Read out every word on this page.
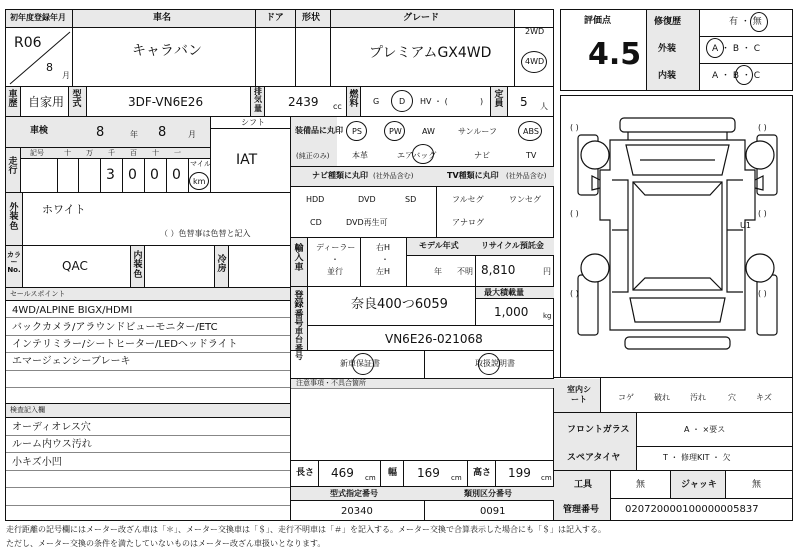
初年度登録年月
R06
8
月
車名
キャラバン
ドア 形状	グレード
プレミアムGX4WD
2WD
4WD
評価点
4.5
修復歴	有 ・ 無
外装	A ・ B ・ C
内装	A ・ B ・ C
車歴 自家用 型式	3DF-VN6E26
排気量 2439 cc
燃料 G D HV ・ (	)
定員 5 人
車検	8	年 8	月
シフト
IAT
走行
記号	十 万 千 百 十 一
3 0 0 0
マイル
km
外装色
ホワイト
（ ）色替事は色替と記入
カラーNo.	QAC
内装色
冷房
セールスポイント
4WD/ALPINE BIGX/HDMI
バックカメラ/アラウンドビューモニター/ETC
インテリミラー/シートヒーター/LEDヘッドライト
エマージェンシーブレーキ
検査記入欄
オーディオレス穴
ルーム内ウス汚れ
小キズ小凹
装備品に丸印
(純正のみ)
PS	PW	AW	サンルーフ	ABS
本革	エアバッグ	ナビ	TV
ナビ種類に丸印 (社外品含む)
HDD	DVD	SD
CD	DVD再生可
TV種類に丸印 (社外品含む)
フルセグ	ワンセグ
アナログ
輸入車
ディーラー
・
並行
右H
・
左H
モデル年式
年 不明
リサイクル預託金
8,810	円
登録番号
奈良400つ6059
最大積載量
1,000 kg
車台番号
VN6E26-021068
新車保証書	取扱説明書
注意事項・不具合箇所
長さ 469 cm 幅 169 cm 高さ 199 cm
型式指定番号
20340
類別区分番号
0091
室内シート	コゲ	破れ	汚れ	穴	キズ
フロントガラス	A ・ ×要ス
スペアタイヤ	T ・ 修理KIT ・ 欠
工具	無	ジャッキ	無
管理番号	020720000100000005837
( )	( )
( )	( )
( )	( )
U1
走行距離の記号欄にはメーター改ざん車は「＊」、メーター交換車は「＄」、走行不明車は「＃」を記入する。メーター交換で合算表示した場合にも「＄」は記入する。
ただし、メーター交換の条件を満たしていないものはメーター改ざん車扱いとなります。
